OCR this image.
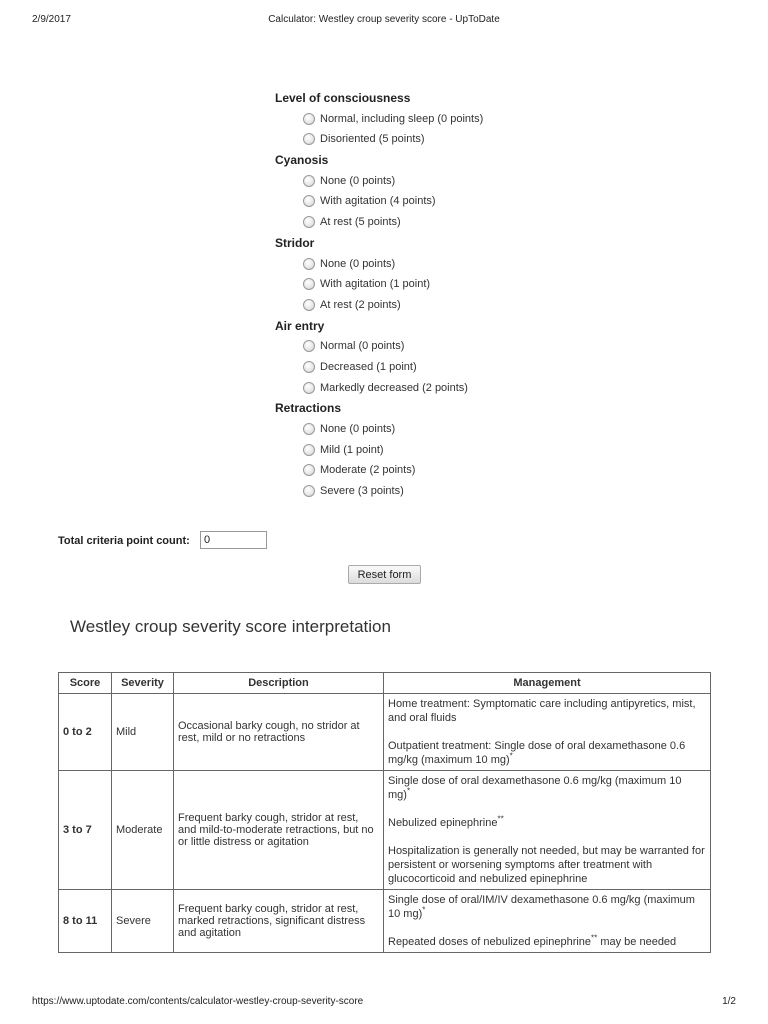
2/9/2017	Calculator: Westley croup severity score - UpToDate
Level of consciousness
Normal, including sleep (0 points)
Disoriented (5 points)
Cyanosis
None (0 points)
With agitation (4 points)
At rest (5 points)
Stridor
None (0 points)
With agitation (1 point)
At rest (2 points)
Air entry
Normal (0 points)
Decreased (1 point)
Markedly decreased (2 points)
Retractions
None (0 points)
Mild (1 point)
Moderate (2 points)
Severe (3 points)
Total criteria point count:	0
Reset form
Westley croup severity score interpretation
Score	Severity	Description	Management
0 to 2	Mild	Occasional barky cough, no stridor at rest, mild or no retractions	Home treatment: Symptomatic care including antipyretics, mist, and oral fluids

Outpatient treatment: Single dose of oral dexamethasone 0.6 mg/kg (maximum 10 mg)*

3 to 7	Moderate	Frequent barky cough, stridor at rest, and mild-to-moderate retractions, but no or little distress or agitation	Single dose of oral dexamethasone 0.6 mg/kg (maximum 10 mg)*

Nebulized epinephrine**

Hospitalization is generally not needed, but may be warranted for persistent or worsening symptoms after treatment with glucocorticoid and nebulized epinephrine

8 to 11	Severe	Frequent barky cough, stridor at rest, marked retractions, significant distress and agitation	Single dose of oral/IM/IV dexamethasone 0.6 mg/kg (maximum 10 mg)*

Repeated doses of nebulized epinephrine** may be needed

https://www.uptodate.com/contents/calculator-westley-croup-severity-score	1/2
